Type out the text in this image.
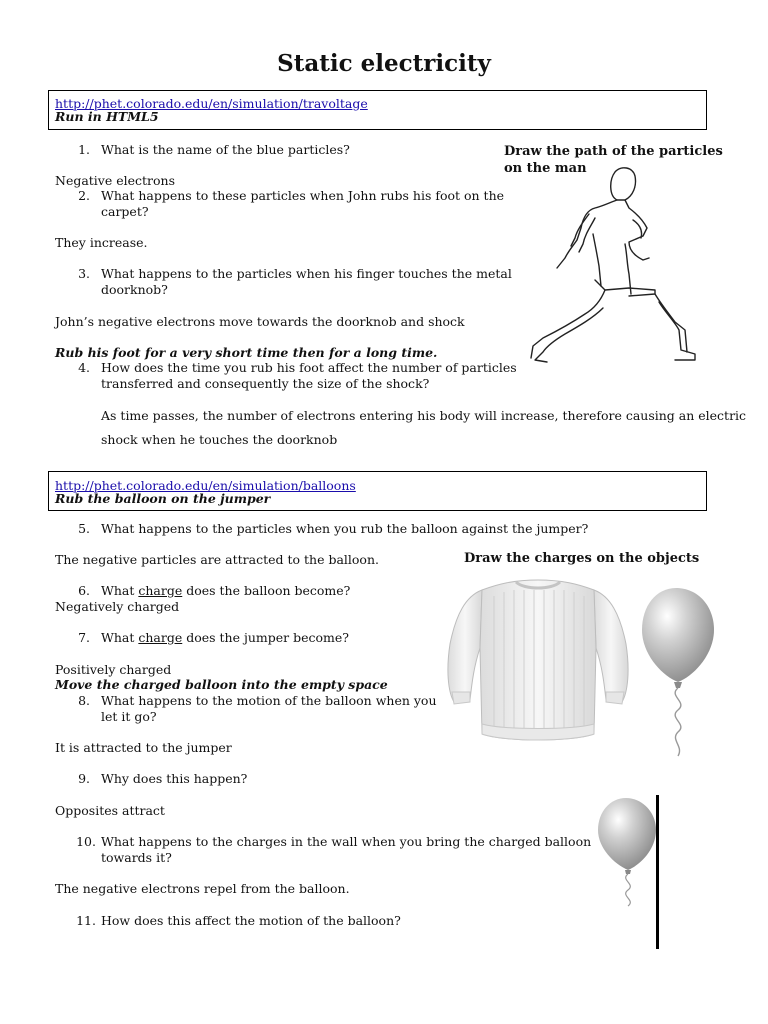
Static electricity
http://phet.colorado.edu/en/simulation/travoltage
Run in HTML5
1. What is the name of the blue particles?
Negative electrons
2. What happens to these particles when John rubs his foot on the
carpet?
They increase.
3. What happens to the particles when his finger touches the metal
doorknob?
John’s negative electrons move towards the doorknob and shock
Rub his foot for a very short time then for a long time.
4. How does the time you rub his foot affect the number of particles
transferred and consequently the size of the shock?
As time passes, the number of electrons entering his body will increase, therefore causing an electric
shock when he touches the doorknob
Draw the path of the particles
on the man
http://phet.colorado.edu/en/simulation/balloons
Rub the balloon on the jumper
5. What happens to the particles when you rub the balloon against the jumper?
The negative particles are attracted to the balloon.	Draw the charges on the objects
6. What charge does the balloon become?
Negatively charged
7. What charge does the jumper become?
Positively charged
Move the charged balloon into the empty space
8. What happens to the motion of the balloon when you
let it go?
It is attracted to the jumper
9. Why does this happen?
Opposites attract
10. What happens to the charges in the wall when you bring the charged balloon
towards it?
The negative electrons repel from the balloon.
11. How does this affect the motion of the balloon?
